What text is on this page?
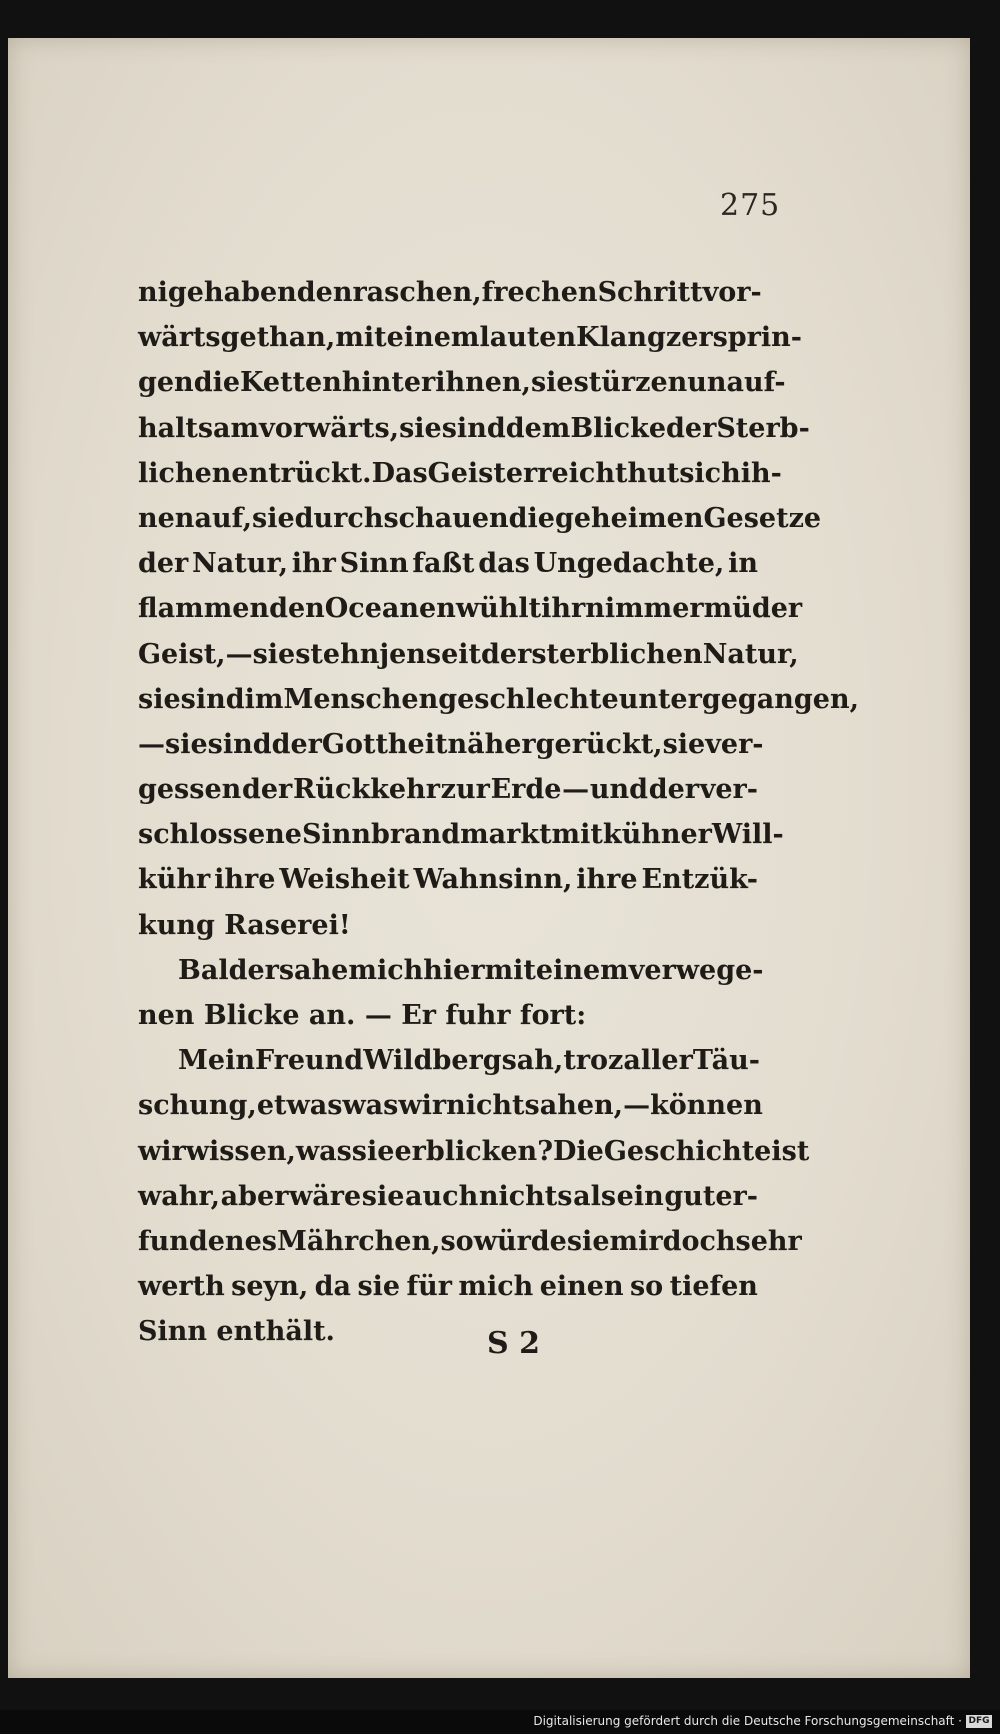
275
nige haben den raschen, frechen Schritt vor-
wärts gethan, mit einem lauten Klang zersprin-
gen die Ketten hinter ihnen, sie stürzen unauf-
haltsam vorwärts, sie sind dem Blicke der Sterb-
lichen entrückt. Das Geisterreich thut sich ih-
nen auf, sie durchschauen die geheimen Gesetze
der Natur, ihr Sinn faßt das Ungedachte, in
flammenden Oceanen wühlt ihr nimmermüder
Geist, — sie stehn jenseit der sterblichen Natur,
sie sind im Menschengeschlechte untergegangen,
— sie sind der Gottheit näher gerückt, sie ver-
gessen der Rückkehr zur Erde — und der ver-
schlossene Sinn brandmarkt mit kühner Will-
kühr ihre Weisheit Wahnsinn, ihre Entzük-
kung Raserei!
Balder sahe mich hier mit einem verwege-
nen Blicke an. — Er fuhr fort:
Mein Freund Wildberg sah, troz aller Täu-
schung, etwas was wir nicht sahen, — können
wir wissen, was sie erblicken? Die Geschichte ist
wahr, aber wäre sie auch nichts als ein guter-
fundenes Mährchen, so würde sie mir doch sehr
werth seyn, da sie für mich einen so tiefen
Sinn enthält.	S 2
Digitalisierung gefördert durch die Deutsche Forschungsgemeinschaft · DFG
